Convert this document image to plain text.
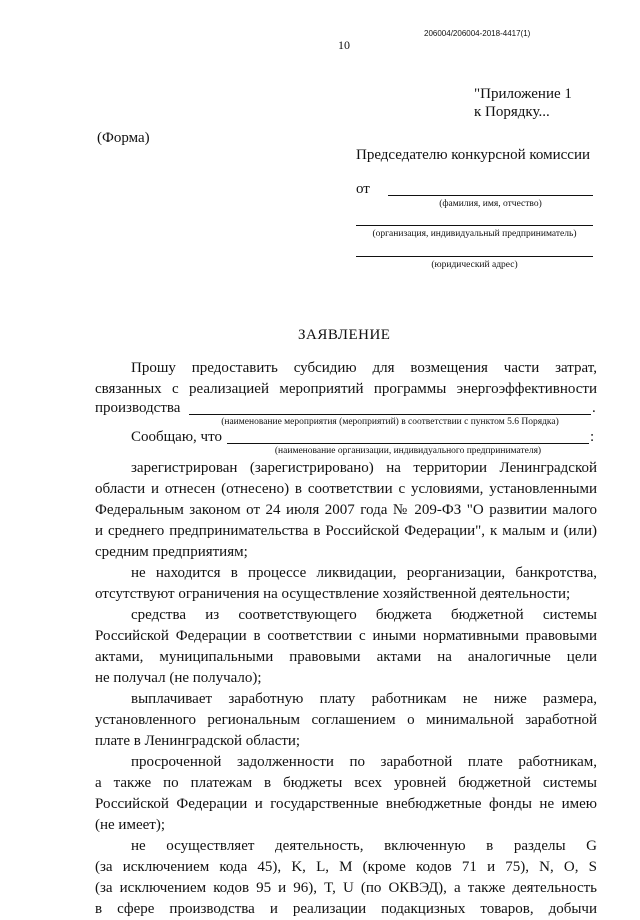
206004/206004-2018-4417(1)
10
"Приложение 1
к Порядку...
(Форма)
Председателю конкурсной комиссии
от
(фамилия, имя, отчество)
(организация, индивидуальный предприниматель)
(юридический адрес)
ЗАЯВЛЕНИЕ
Прошу предоставить субсидию для возмещения части затрат,
связанных с реализацией мероприятий программы энергоэффективности
производства	.
(наименование мероприятия (мероприятий) в соответствии с пунктом 5.6 Порядка)
Сообщаю, что	:
(наименование организации, индивидуального предпринимателя)
зарегистрирован (зарегистрировано) на территории Ленинградской
области и отнесен (отнесено) в соответствии с условиями, установленными
Федеральным законом от 24 июля 2007 года № 209-ФЗ "О развитии малого
и среднего предпринимательства в Российской Федерации", к малым и (или)
средним предприятиям;
не находится в процессе ликвидации, реорганизации, банкротства,
отсутствуют ограничения на осуществление хозяйственной деятельности;
средства из соответствующего бюджета бюджетной системы
Российской Федерации в соответствии с иными нормативными правовыми
актами, муниципальными правовыми актами на аналогичные цели
не получал (не получало);
выплачивает заработную плату работникам не ниже размера,
установленного региональным соглашением о минимальной заработной
плате в Ленинградской области;
просроченной задолженности по заработной плате работникам,
а также по платежам в бюджеты всех уровней бюджетной системы
Российской Федерации и государственные внебюджетные фонды не имею
(не имеет);
не осуществляет деятельность, включенную в разделы G
(за исключением кода 45), K, L, M (кроме кодов 71 и 75), N, O, S
(за исключением кодов 95 и 96), T, U (по ОКВЭД), а также деятельность
в сфере производства и реализации подакцизных товаров, добычи
